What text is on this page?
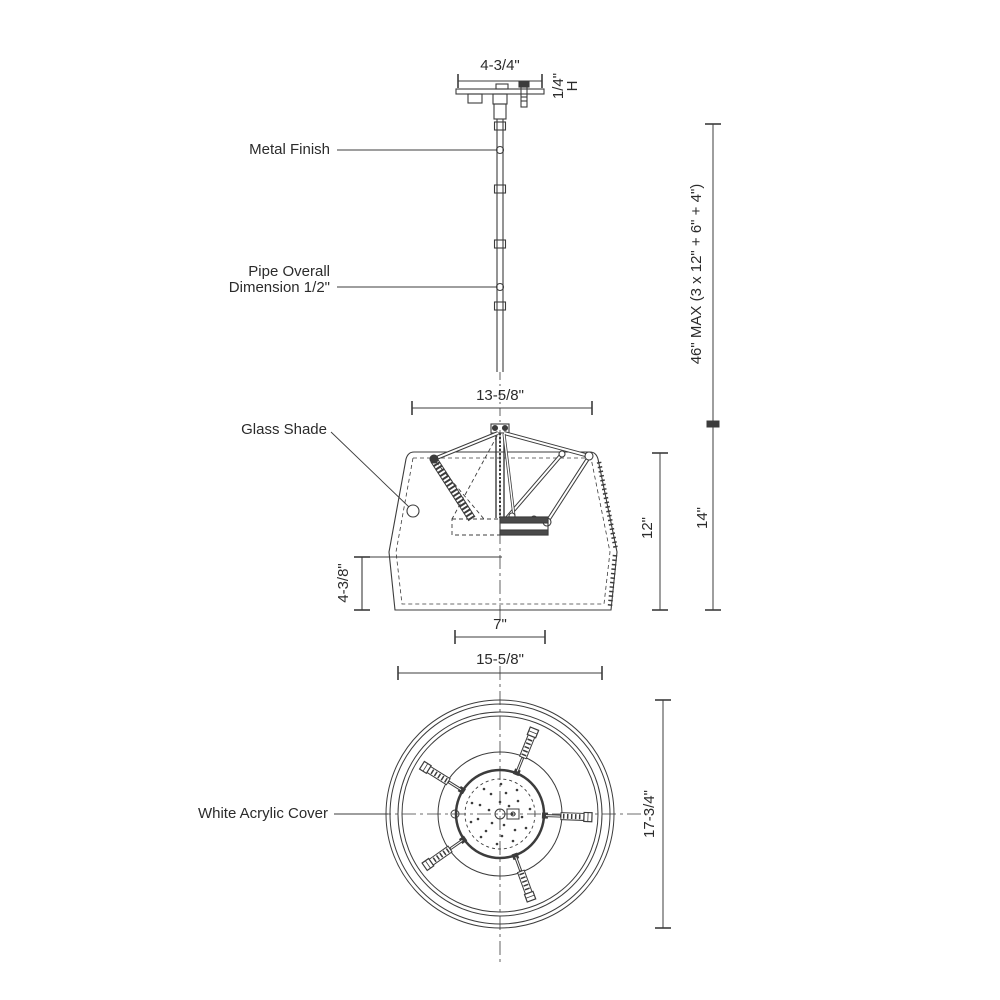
4-3/4"
1/4"
H
Metal Finish
Pipe Overall
Dimension 1/2"	46" MAX (3 x 12" + 6" + 4")
13-5/8"
Glass Shade
12"	14"
4-3/8"
7"
15-5/8"
White Acrylic Cover	17-3/4"
